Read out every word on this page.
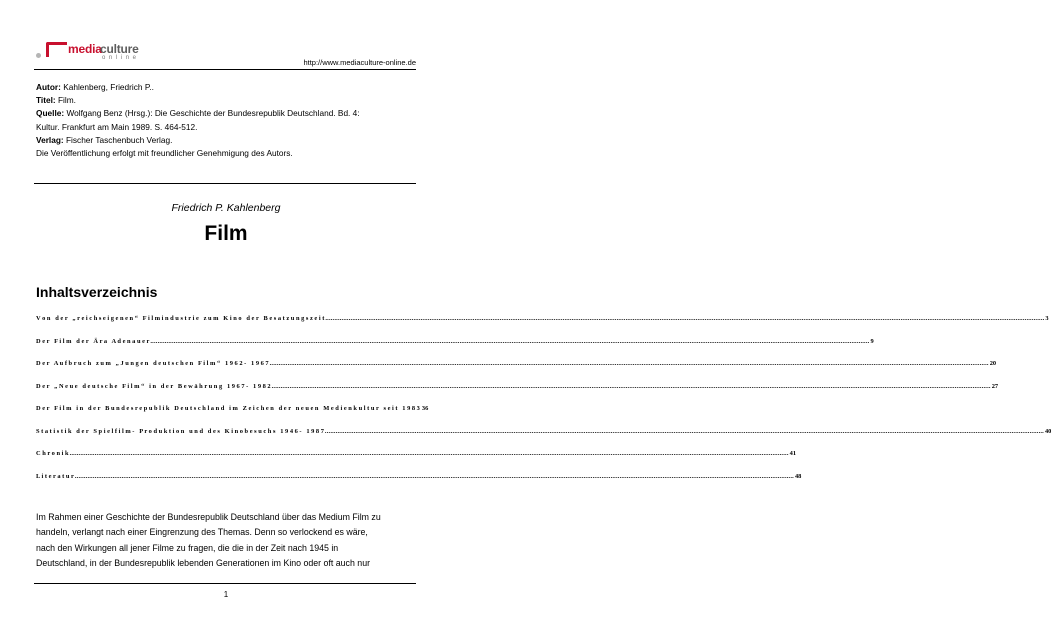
media
culture
online	http://www.mediaculture-online.de
Autor: Kahlenberg, Friedrich P..
Titel: Film.
Quelle: Wolfgang Benz (Hrsg.): Die Geschichte der Bundesrepublik Deutschland. Bd. 4:
Kultur. Frankfurt am Main 1989. S. 464-512.
Verlag: Fischer Taschenbuch Verlag.
Die Veröffentlichung erfolgt mit freundlicher Genehmigung des Autors.
Friedrich P. Kahlenberg
Film
Inhaltsverzeichnis
V o n   d e r   „ r e i c h s e i g e n e n “   F i l m i n d u s t r i e   z u m   K i n o   d e r   B e s a t z u n g s z e i t ................................................................................................................................................................................................................................................................................................................................................................................................................ 3
D e r   F i l m   d e r   Ä r a   A d e n a u e r ................................................................................................................................................................................................................................................................................................................................................................................................................ 9
D e r   A u f b r u c h   z u m   „ J u n g e n   d e u t s c h e n   F i l m “   1 9 6 2 -   1 9 6 7 ................................................................................................................................................................................................................................................................................................................................................................................................................ 20
D e r   „ N e u e   d e u t s c h e   F i l m “   i n   d e r   B e w ä h r u n g   1 9 6 7 -   1 9 8 2 ................................................................................................................................................................................................................................................................................................................................................................................................................ 27
D e r   F i l m   i n   d e r   B u n d e s r e p u b l i k   D e u t s c h l a n d   i m   Z e i c h e n   d e r   n e u e n   M e d i e n k u l t u r   s e i t   1 9 8 3 36
S t a t i s t i k   d e r   S p i e l f i l m -   P r o d u k t i o n   u n d   d e s   K i n o b e s u c h s   1 9 4 6 -   1 9 8 7 ................................................................................................................................................................................................................................................................................................................................................................................................................ 40
C h r o n i k ................................................................................................................................................................................................................................................................................................................................................................................................................ 41
L i t e r a t u r ................................................................................................................................................................................................................................................................................................................................................................................................................ 48
Im Rahmen einer Geschichte der Bundesrepublik Deutschland über das Medium Film zu
handeln, verlangt nach einer Eingrenzung des Themas. Denn so verlockend es wäre,
nach den Wirkungen all jener Filme zu fragen, die die in der Zeit nach 1945 in
Deutschland, in der Bundesrepublik lebenden Generationen im Kino oder oft auch nur
1
